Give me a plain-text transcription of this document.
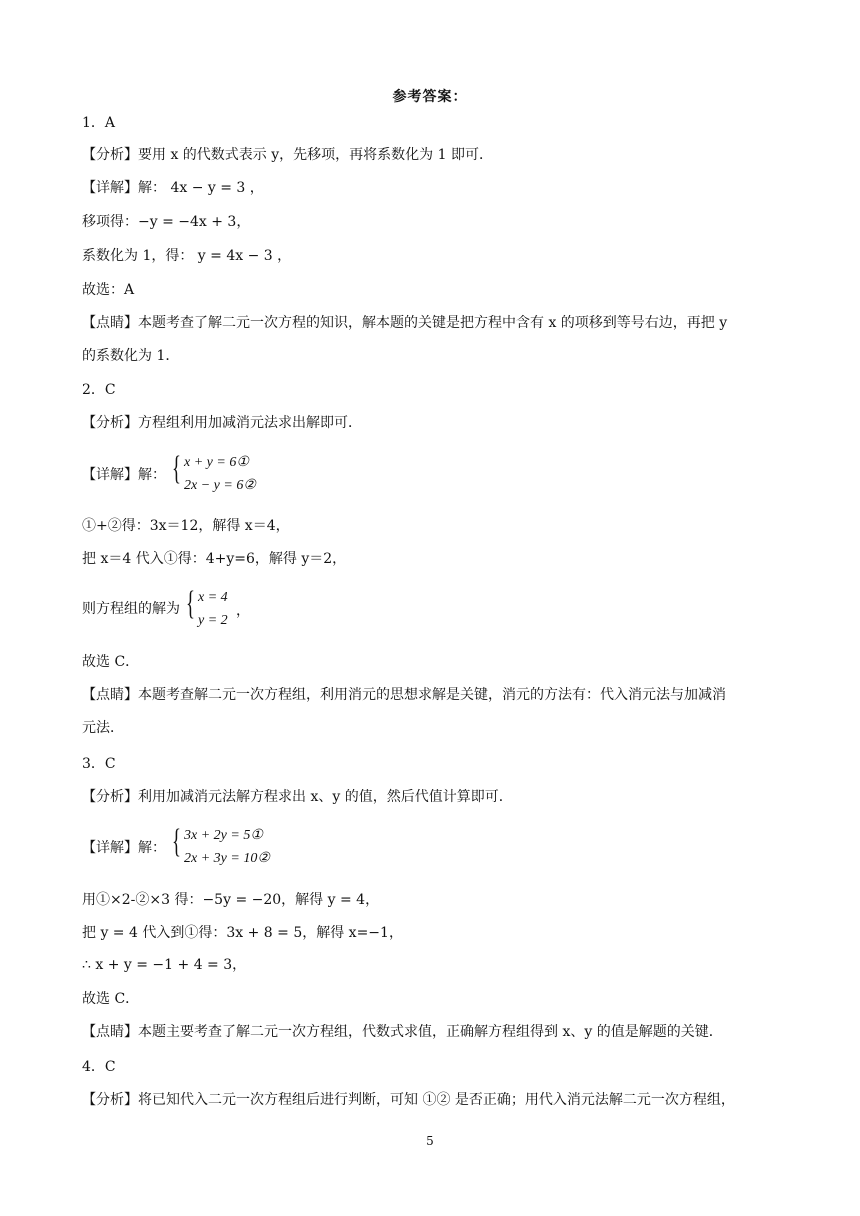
参考答案：
1．A
【分析】要用 x 的代数式表示 y，先移项，再将系数化为 1 即可．
【详解】解： 4x − y = 3 ，
移项得：−y = −4x + 3，
系数化为 1，得： y = 4x − 3 ，
故选：A
【点睛】本题考查了解二元一次方程的知识，解本题的关键是把方程中含有 x 的项移到等号右边，再把 y
的系数化为 1．
2．C
【分析】方程组利用加减消元法求出解即可．
【详解】解： { x + y = 6①
2x − y = 6②
①+②得：3x＝12，解得 x＝4，
把 x＝4 代入①得：4+y=6，解得 y＝2，
则方程组的解为 { x = 4
y = 2
，
故选 C．
【点睛】本题考查解二元一次方程组，利用消元的思想求解是关键，消元的方法有：代入消元法与加减消
元法．
3．C
【分析】利用加减消元法解方程求出 x、y 的值，然后代值计算即可．
【详解】解： { 3x + 2y = 5①
2x + 3y = 10②
用①×2-②×3 得：−5y = −20，解得 y = 4，
把 y = 4 代入到①得：3x + 8 = 5，解得 x=−1，
∴ x + y = −1 + 4 = 3，
故选 C．
【点睛】本题主要考查了解二元一次方程组，代数式求值，正确解方程组得到 x、y 的值是解题的关键．
4．C
【分析】将已知代入二元一次方程组后进行判断，可知 ①② 是否正确；用代入消元法解二元一次方程组，
5
